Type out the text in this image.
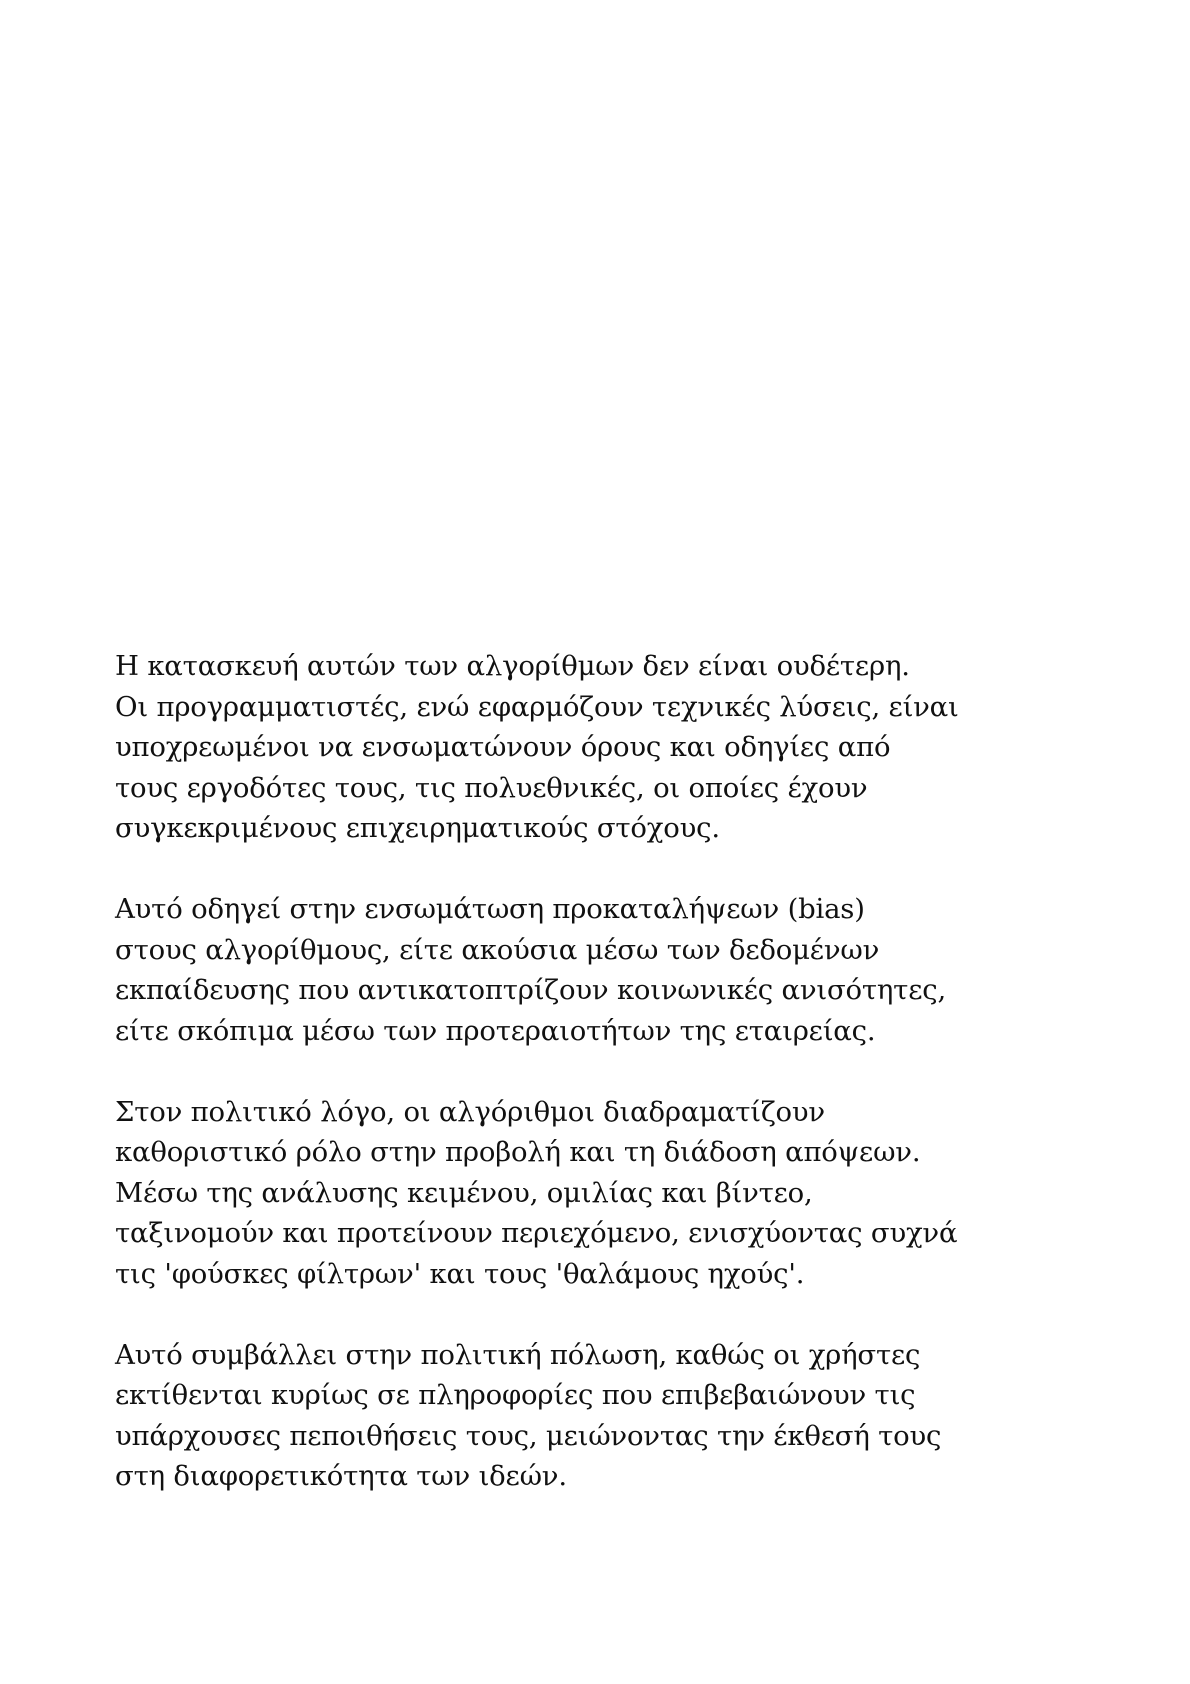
Η κατασκευή αυτών των αλγορίθμων δεν είναι ουδέτερη.
Οι προγραμματιστές, ενώ εφαρμόζουν τεχνικές λύσεις, είναι
υποχρεωμένοι να ενσωματώνουν όρους και οδηγίες από
τους εργοδότες τους, τις πολυεθνικές, οι οποίες έχουν
συγκεκριμένους επιχειρηματικούς στόχους.

Αυτό οδηγεί στην ενσωμάτωση προκαταλήψεων (bias)
στους αλγορίθμους, είτε ακούσια μέσω των δεδομένων
εκπαίδευσης που αντικατοπτρίζουν κοινωνικές ανισότητες,
είτε σκόπιμα μέσω των προτεραιοτήτων της εταιρείας.

Στον πολιτικό λόγο, οι αλγόριθμοι διαδραματίζουν
καθοριστικό ρόλο στην προβολή και τη διάδοση απόψεων.
Μέσω της ανάλυσης κειμένου, ομιλίας και βίντεο,
ταξινομούν και προτείνουν περιεχόμενο, ενισχύοντας συχνά
τις 'φούσκες φίλτρων' και τους 'θαλάμους ηχούς'.

Αυτό συμβάλλει στην πολιτική πόλωση, καθώς οι χρήστες
εκτίθενται κυρίως σε πληροφορίες που επιβεβαιώνουν τις
υπάρχουσες πεποιθήσεις τους, μειώνοντας την έκθεσή τους
στη διαφορετικότητα των ιδεών.
